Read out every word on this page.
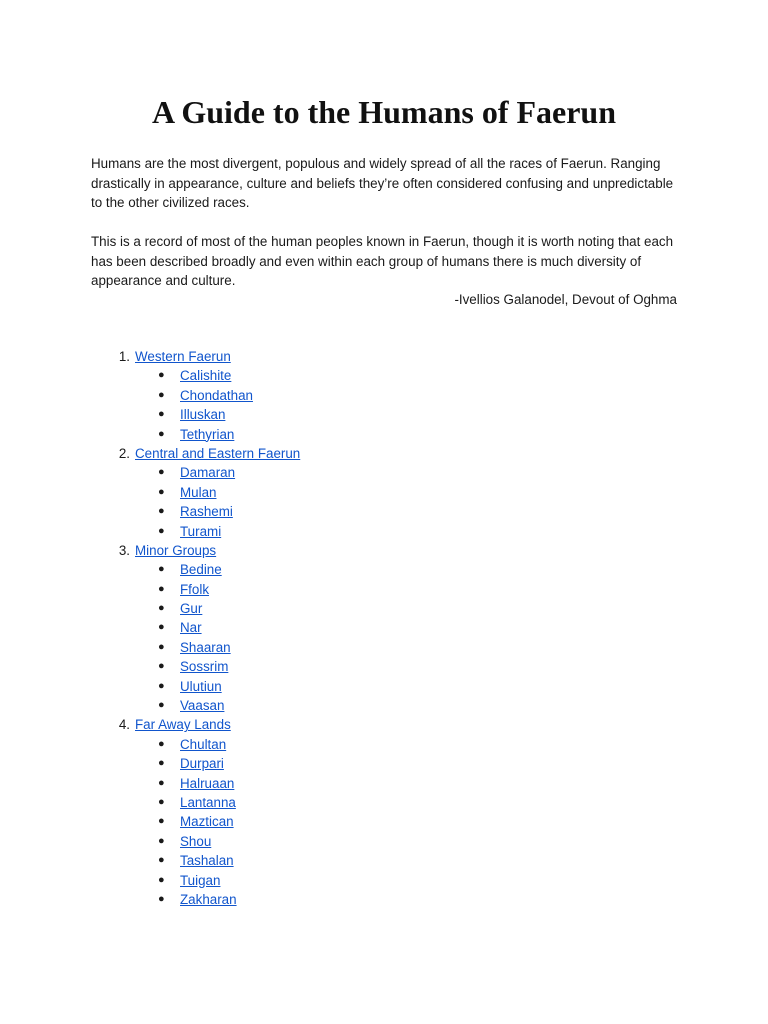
A Guide to the Humans of Faerun

Humans are the most divergent, populous and widely spread of all the races of Faerun. Ranging drastically in appearance, culture and beliefs they’re often considered confusing and unpredictable to the other civilized races.

This is a record of most of the human peoples known in Faerun, though it is worth noting that each has been described broadly and even within each group of humans there is much diversity of appearance and culture.

-Ivellios Galanodel, Devout of Oghma

1. Western Faerun
● Calishite
● Chondathan
● Illuskan
● Tethyrian
2. Central and Eastern Faerun
● Damaran
● Mulan
● Rashemi
● Turami
3. Minor Groups
● Bedine
● Ffolk
● Gur
● Nar
● Shaaran
● Sossrim
● Ulutiun
● Vaasan
4. Far Away Lands
● Chultan
● Durpari
● Halruaan
● Lantanna
● Maztican
● Shou
● Tashalan
● Tuigan
● Zakharan
